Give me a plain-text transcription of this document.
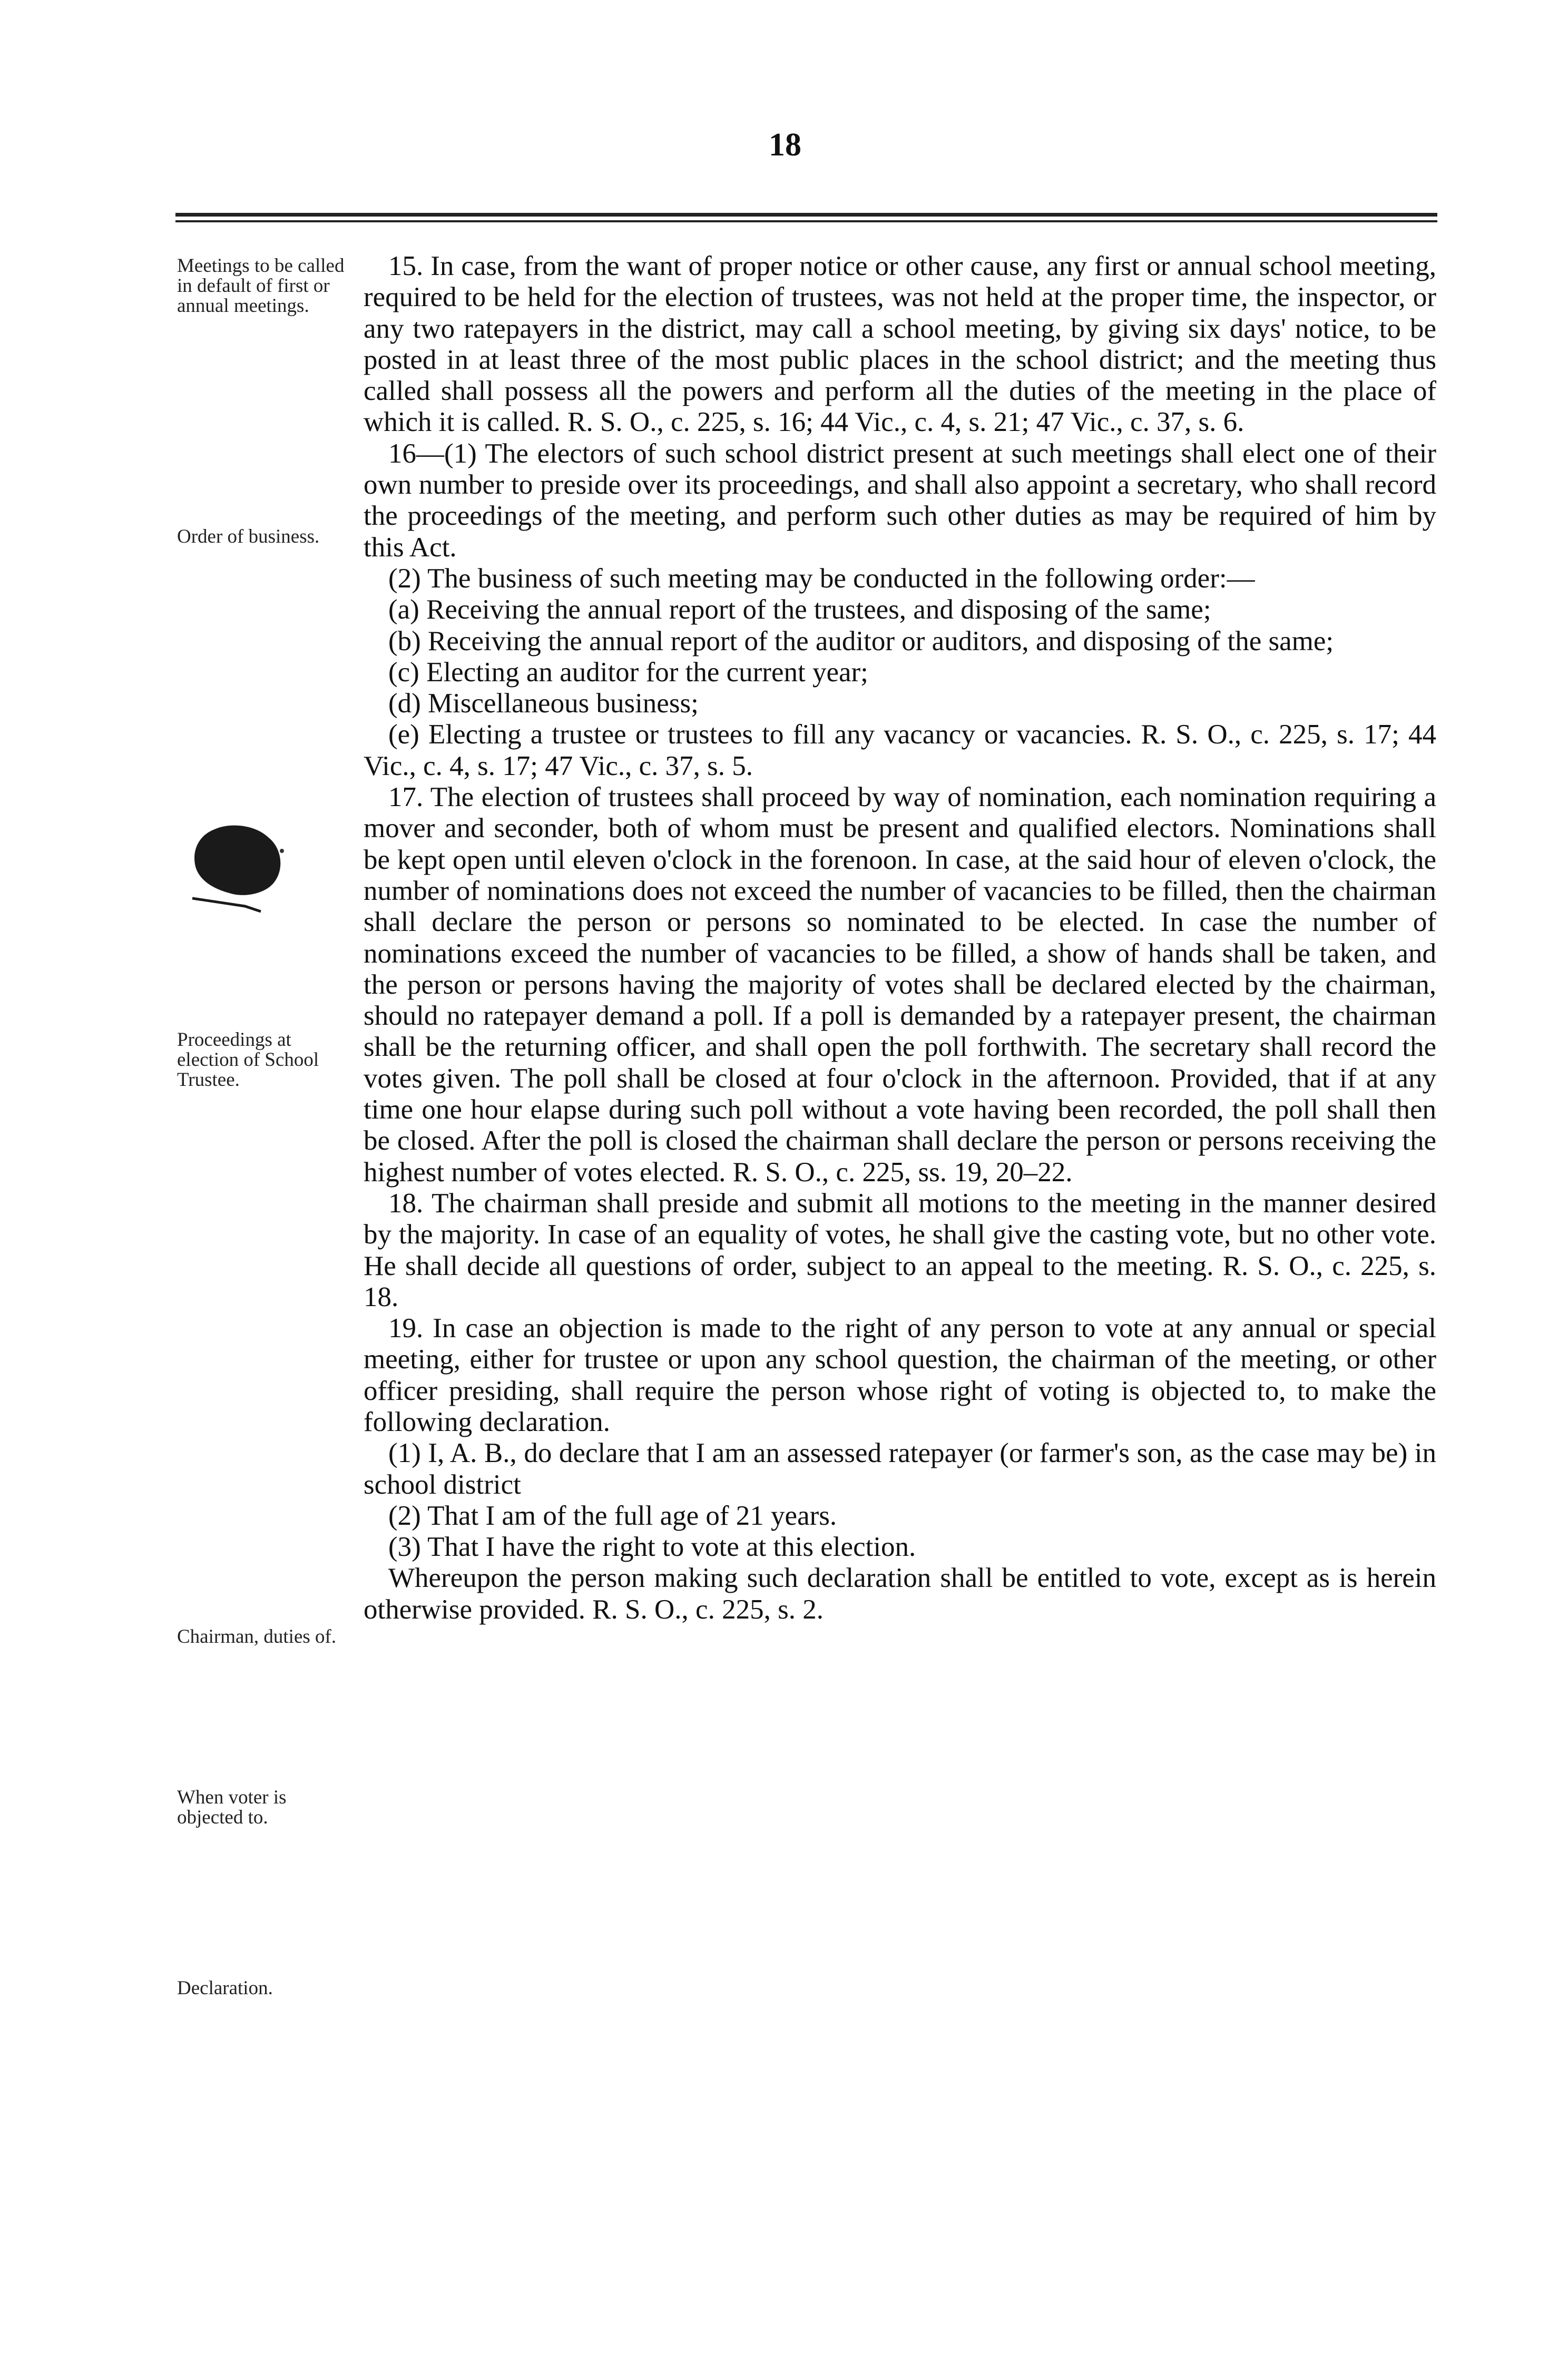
18
Meetings to be called in default of first or annual meetings.
Order of business.
Proceedings at election of School Trustee.
Chairman, duties of.
When voter is objected to.
Declaration.

15. In case, from the want of proper notice or other cause, any first or annual school meeting, required to be held for the election of trustees, was not held at the proper time, the inspector, or any two ratepayers in the district, may call a school meeting, by giving six days' notice, to be posted in at least three of the most public places in the school district; and the meeting thus called shall possess all the powers and perform all the duties of the meeting in the place of which it is called. R. S. O., c. 225, s. 16; 44 Vic., c. 4, s. 21; 47 Vic., c. 37, s. 6.

16—(1) The electors of such school district present at such meetings shall elect one of their own number to preside over its proceedings, and shall also appoint a secretary, who shall record the proceedings of the meeting, and perform such other duties as may be required of him by this Act.

(2) The business of such meeting may be conducted in the following order:—

(a) Receiving the annual report of the trustees, and disposing of the same;

(b) Receiving the annual report of the auditor or auditors, and disposing of the same;

(c) Electing an auditor for the current year;

(d) Miscellaneous business;

(e) Electing a trustee or trustees to fill any vacancy or vacancies. R. S. O., c. 225, s. 17; 44 Vic., c. 4, s. 17; 47 Vic., c. 37, s. 5.

17. The election of trustees shall proceed by way of nomination, each nomination requiring a mover and seconder, both of whom must be present and qualified electors. Nominations shall be kept open until eleven o'clock in the forenoon. In case, at the said hour of eleven o'clock, the number of nominations does not exceed the number of vacancies to be filled, then the chairman shall declare the person or persons so nominated to be elected. In case the number of nominations exceed the number of vacancies to be filled, a show of hands shall be taken, and the person or persons having the majority of votes shall be declared elected by the chairman, should no ratepayer demand a poll. If a poll is demanded by a ratepayer present, the chairman shall be the returning officer, and shall open the poll forthwith. The secretary shall record the votes given. The poll shall be closed at four o'clock in the afternoon. Provided, that if at any time one hour elapse during such poll without a vote having been recorded, the poll shall then be closed. After the poll is closed the chairman shall declare the person or persons receiving the highest number of votes elected. R. S. O., c. 225, ss. 19, 20–22.

18. The chairman shall preside and submit all motions to the meeting in the manner desired by the majority. In case of an equality of votes, he shall give the casting vote, but no other vote. He shall decide all questions of order, subject to an appeal to the meeting. R. S. O., c. 225, s. 18.

19. In case an objection is made to the right of any person to vote at any annual or special meeting, either for trustee or upon any school question, the chairman of the meeting, or other officer presiding, shall require the person whose right of voting is objected to, to make the following declaration.

(1) I, A. B., do declare that I am an assessed ratepayer (or farmer's son, as the case may be) in school district

(2) That I am of the full age of 21 years.

(3) That I have the right to vote at this election.

Whereupon the person making such declaration shall be entitled to vote, except as is herein otherwise provided. R. S. O., c. 225, s. 2.
